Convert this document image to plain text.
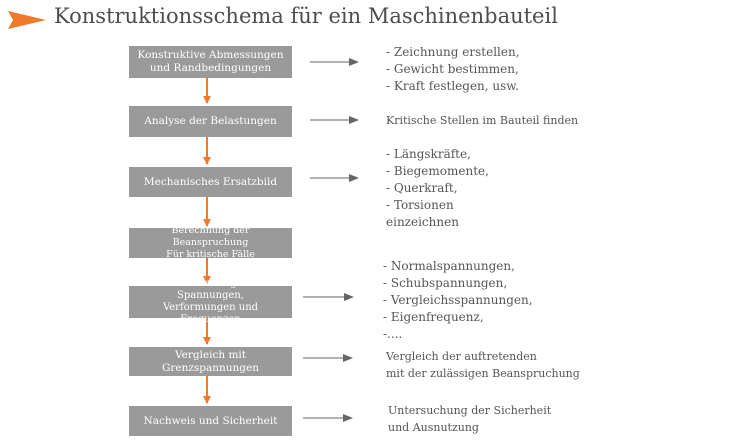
Konstruktionsschema für ein Maschinenbauteil
Konstruktive Abmessungen
und Randbedingungen
Analyse der Belastungen
Mechanisches Ersatzbild
Berechnung der Beanspruchung
Für kritische Fälle
Untersuchung der Spannungen,
Verformungen und Frequenzen
Vergleich mit Grenzspannungen
Nachweis und Sicherheit
- Zeichnung erstellen,
- Gewicht bestimmen,
- Kraft festlegen, usw.
Kritische Stellen im Bauteil finden
- Längskräfte,
- Biegemomente,
- Querkraft,
- Torsionen
einzeichnen
- Normalspannungen,
- Schubspannungen,
- Vergleichsspannungen,
- Eigenfrequenz,
-....
Vergleich der auftretenden
mit der zulässigen Beanspruchung
Untersuchung der Sicherheit
und Ausnutzung
